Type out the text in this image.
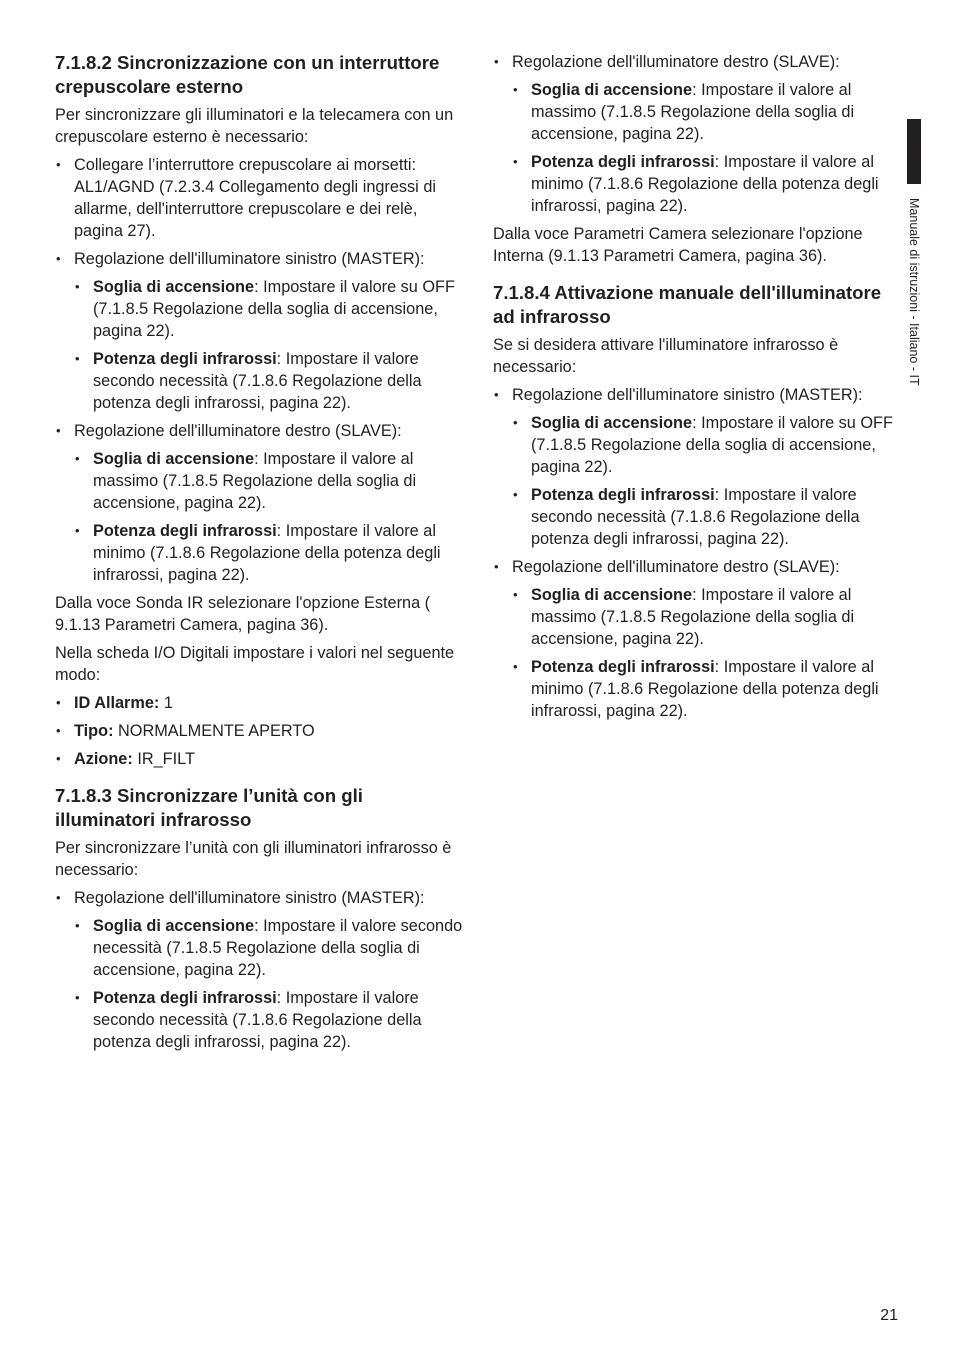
7.1.8.2 Sincronizzazione con un interruttore crepuscolare esterno

Per sincronizzare gli illuminatori e la telecamera con un crepuscolare esterno è necessario:

• Collegare l’interruttore crepuscolare ai morsetti: AL1/AGND (7.2.3.4 Collegamento degli ingressi di allarme, dell'interruttore crepuscolare e dei relè, pagina 27).
• Regolazione dell'illuminatore sinistro (MASTER):
• Soglia di accensione: Impostare il valore su OFF (7.1.8.5 Regolazione della soglia di accensione, pagina 22).
• Potenza degli infrarossi: Impostare il valore secondo necessità (7.1.8.6 Regolazione della potenza degli infrarossi, pagina 22).
• Regolazione dell'illuminatore destro (SLAVE):
• Soglia di accensione: Impostare il valore al massimo (7.1.8.5 Regolazione della soglia di accensione, pagina 22).
• Potenza degli infrarossi: Impostare il valore al minimo (7.1.8.6 Regolazione della potenza degli infrarossi, pagina 22).

Dalla voce Sonda IR selezionare l'opzione Esterna ( 9.1.13 Parametri Camera, pagina 36).

Nella scheda I/O Digitali impostare i valori nel seguente modo:

• ID Allarme: 1
• Tipo: NORMALMENTE APERTO
• Azione: IR_FILT
7.1.8.3 Sincronizzare l’unità con gli illuminatori infrarosso

Per sincronizzare l’unità con gli illuminatori infrarosso è necessario:

• Regolazione dell'illuminatore sinistro (MASTER):
• Soglia di accensione: Impostare il valore secondo necessità (7.1.8.5 Regolazione della soglia di accensione, pagina 22).
• Potenza degli infrarossi: Impostare il valore secondo necessità (7.1.8.6 Regolazione della potenza degli infrarossi, pagina 22).
• Regolazione dell'illuminatore destro (SLAVE):
• Soglia di accensione: Impostare il valore al massimo (7.1.8.5 Regolazione della soglia di accensione, pagina 22).
• Potenza degli infrarossi: Impostare il valore al minimo (7.1.8.6 Regolazione della potenza degli infrarossi, pagina 22).

Dalla voce Parametri Camera selezionare l'opzione Interna (9.1.13 Parametri Camera, pagina 36).

7.1.8.4 Attivazione manuale dell'illuminatore ad infrarosso

Se si desidera attivare l'illuminatore infrarosso è necessario:

• Regolazione dell'illuminatore sinistro (MASTER):
• Soglia di accensione: Impostare il valore su OFF (7.1.8.5 Regolazione della soglia di accensione, pagina 22).
• Potenza degli infrarossi: Impostare il valore secondo necessità (7.1.8.6 Regolazione della potenza degli infrarossi, pagina 22).
• Regolazione dell'illuminatore destro (SLAVE):
• Soglia di accensione: Impostare il valore al massimo (7.1.8.5 Regolazione della soglia di accensione, pagina 22).
• Potenza degli infrarossi: Impostare il valore al minimo (7.1.8.6 Regolazione della potenza degli infrarossi, pagina 22).
Manuale di istruzioni - Italiano - IT
21
